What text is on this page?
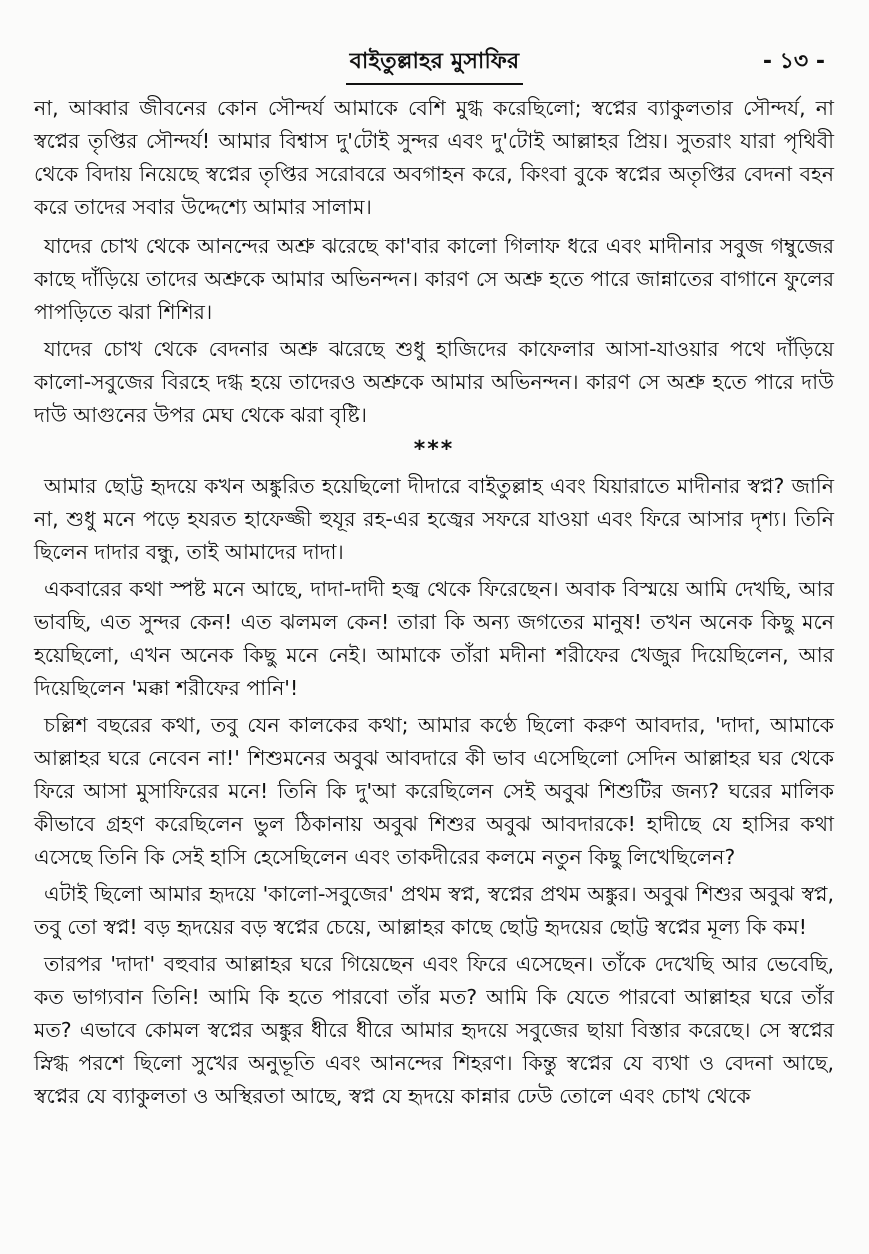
বাইতুল্লাহর মুসাফির	- ১৩ -

না, আব্বার জীবনের কোন সৌন্দর্য আমাকে বেশি মুগ্ধ করেছিলো; স্বপ্নের ব্যাকুলতার সৌন্দর্য, না স্বপ্নের তৃপ্তির সৌন্দর্য! আমার বিশ্বাস দু'টোই সুন্দর এবং দু'টোই আল্লাহর প্রিয়। সুতরাং যারা পৃথিবী থেকে বিদায় নিয়েছে স্বপ্নের তৃপ্তির সরোবরে অবগাহন করে, কিংবা বুকে স্বপ্নের অতৃপ্তির বেদনা বহন করে তাদের সবার উদ্দেশ্যে আমার সালাম।

যাদের চোখ থেকে আনন্দের অশ্রু ঝরেছে কা'বার কালো গিলাফ ধরে এবং মাদীনার সবুজ গম্বুজের কাছে দাঁড়িয়ে তাদের অশ্রুকে আমার অভিনন্দন। কারণ সে অশ্রু হতে পারে জান্নাতের বাগানে ফুলের পাপড়িতে ঝরা শিশির।

যাদের চোখ থেকে বেদনার অশ্রু ঝরেছে শুধু হাজিদের কাফেলার আসা-যাওয়ার পথে দাঁড়িয়ে কালো-সবুজের বিরহে দগ্ধ হয়ে তাদেরও অশ্রুকে আমার অভিনন্দন। কারণ সে অশ্রু হতে পারে দাউ দাউ আগুনের উপর মেঘ থেকে ঝরা বৃষ্টি।

***

আমার ছোট্ট হৃদয়ে কখন অঙ্কুরিত হয়েছিলো দীদারে বাইতুল্লাহ এবং যিয়ারাতে মাদীনার স্বপ্ন? জানি না, শুধু মনে পড়ে হযরত হাফেজ্জী হুযূর রহ-এর হজ্বের সফরে যাওয়া এবং ফিরে আসার দৃশ্য। তিনি ছিলেন দাদার বন্ধু, তাই আমাদের দাদা।

একবারের কথা স্পষ্ট মনে আছে, দাদা-দাদী হজ্ব থেকে ফিরেছেন। অবাক বিস্ময়ে আমি দেখছি, আর ভাবছি, এত সুন্দর কেন! এত ঝলমল কেন! তারা কি অন্য জগতের মানুষ! তখন অনেক কিছু মনে হয়েছিলো, এখন অনেক কিছু মনে নেই। আমাকে তাঁরা মদীনা শরীফের খেজুর দিয়েছিলেন, আর দিয়েছিলেন 'মক্কা শরীফের পানি'!

চল্লিশ বছরের কথা, তবু যেন কালকের কথা; আমার কণ্ঠে ছিলো করুণ আবদার, 'দাদা, আমাকে আল্লাহর ঘরে নেবেন না!' শিশুমনের অবুঝ আবদারে কী ভাব এসেছিলো সেদিন আল্লাহর ঘর থেকে ফিরে আসা মুসাফিরের মনে! তিনি কি দু'আ করেছিলেন সেই অবুঝ শিশুটির জন্য? ঘরের মালিক কীভাবে গ্রহণ করেছিলেন ভুল ঠিকানায় অবুঝ শিশুর অবুঝ আবদারকে! হাদীছে যে হাসির কথা এসেছে তিনি কি সেই হাসি হেসেছিলেন এবং তাকদীরের কলমে নতুন কিছু লিখেছিলেন?

এটাই ছিলো আমার হৃদয়ে 'কালো-সবুজের' প্রথম স্বপ্ন, স্বপ্নের প্রথম অঙ্কুর। অবুঝ শিশুর অবুঝ স্বপ্ন, তবু তো স্বপ্ন! বড় হৃদয়ের বড় স্বপ্নের চেয়ে, আল্লাহর কাছে ছোট্ট হৃদয়ের ছোট্ট স্বপ্নের মূল্য কি কম!

তারপর 'দাদা' বহুবার আল্লাহর ঘরে গিয়েছেন এবং ফিরে এসেছেন। তাঁকে দেখেছি আর ভেবেছি, কত ভাগ্যবান তিনি! আমি কি হতে পারবো তাঁর মত? আমি কি যেতে পারবো আল্লাহর ঘরে তাঁর মত? এভাবে কোমল স্বপ্নের অঙ্কুর ধীরে ধীরে আমার হৃদয়ে সবুজের ছায়া বিস্তার করেছে। সে স্বপ্নের স্নিগ্ধ পরশে ছিলো সুখের অনুভূতি এবং আনন্দের শিহরণ। কিন্তু স্বপ্নের যে ব্যথা ও বেদনা আছে, স্বপ্নের যে ব্যাকুলতা ও অস্থিরতা আছে, স্বপ্ন যে হৃদয়ে কান্নার ঢেউ তোলে এবং চোখ থেকে
